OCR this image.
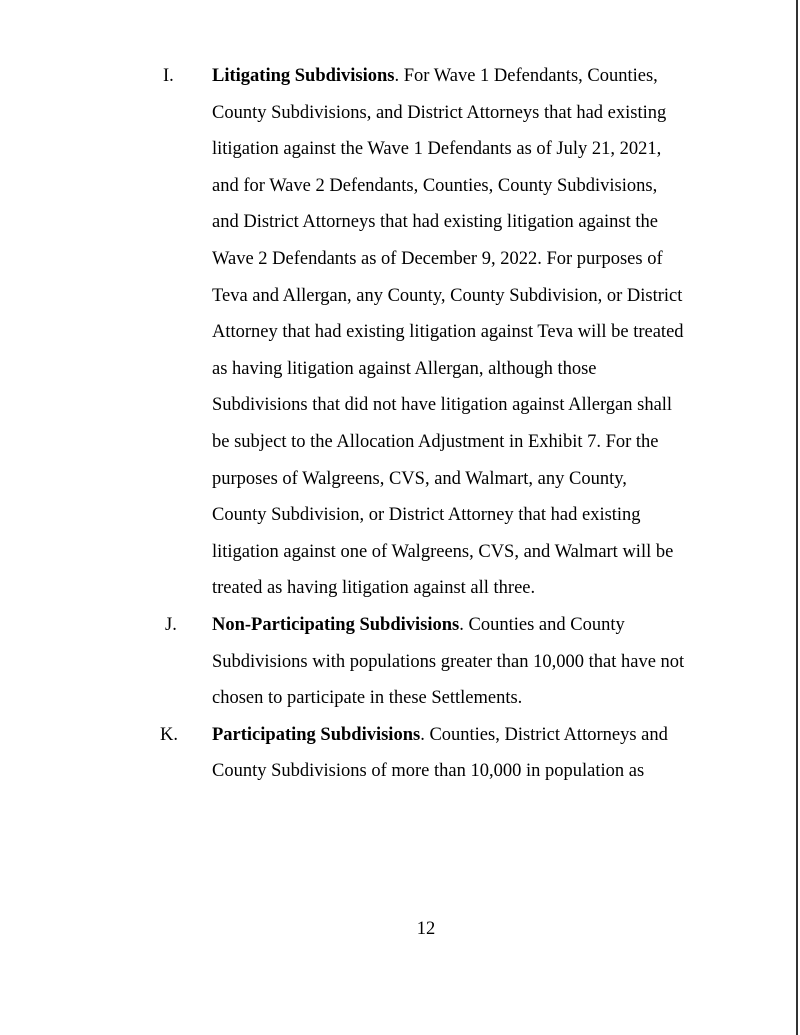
I. Litigating Subdivisions. For Wave 1 Defendants, Counties,
County Subdivisions, and District Attorneys that had existing
litigation against the Wave 1 Defendants as of July 21, 2021,
and for Wave 2 Defendants, Counties, County Subdivisions,
and District Attorneys that had existing litigation against the
Wave 2 Defendants as of December 9, 2022. For purposes of
Teva and Allergan, any County, County Subdivision, or District
Attorney that had existing litigation against Teva will be treated
as having litigation against Allergan, although those
Subdivisions that did not have litigation against Allergan shall
be subject to the Allocation Adjustment in Exhibit 7. For the
purposes of Walgreens, CVS, and Walmart, any County,
County Subdivision, or District Attorney that had existing
litigation against one of Walgreens, CVS, and Walmart will be
treated as having litigation against all three.
J. Non-Participating Subdivisions. Counties and County
Subdivisions with populations greater than 10,000 that have not
chosen to participate in these Settlements.
K. Participating Subdivisions. Counties, District Attorneys and
County Subdivisions of more than 10,000 in population as
12
